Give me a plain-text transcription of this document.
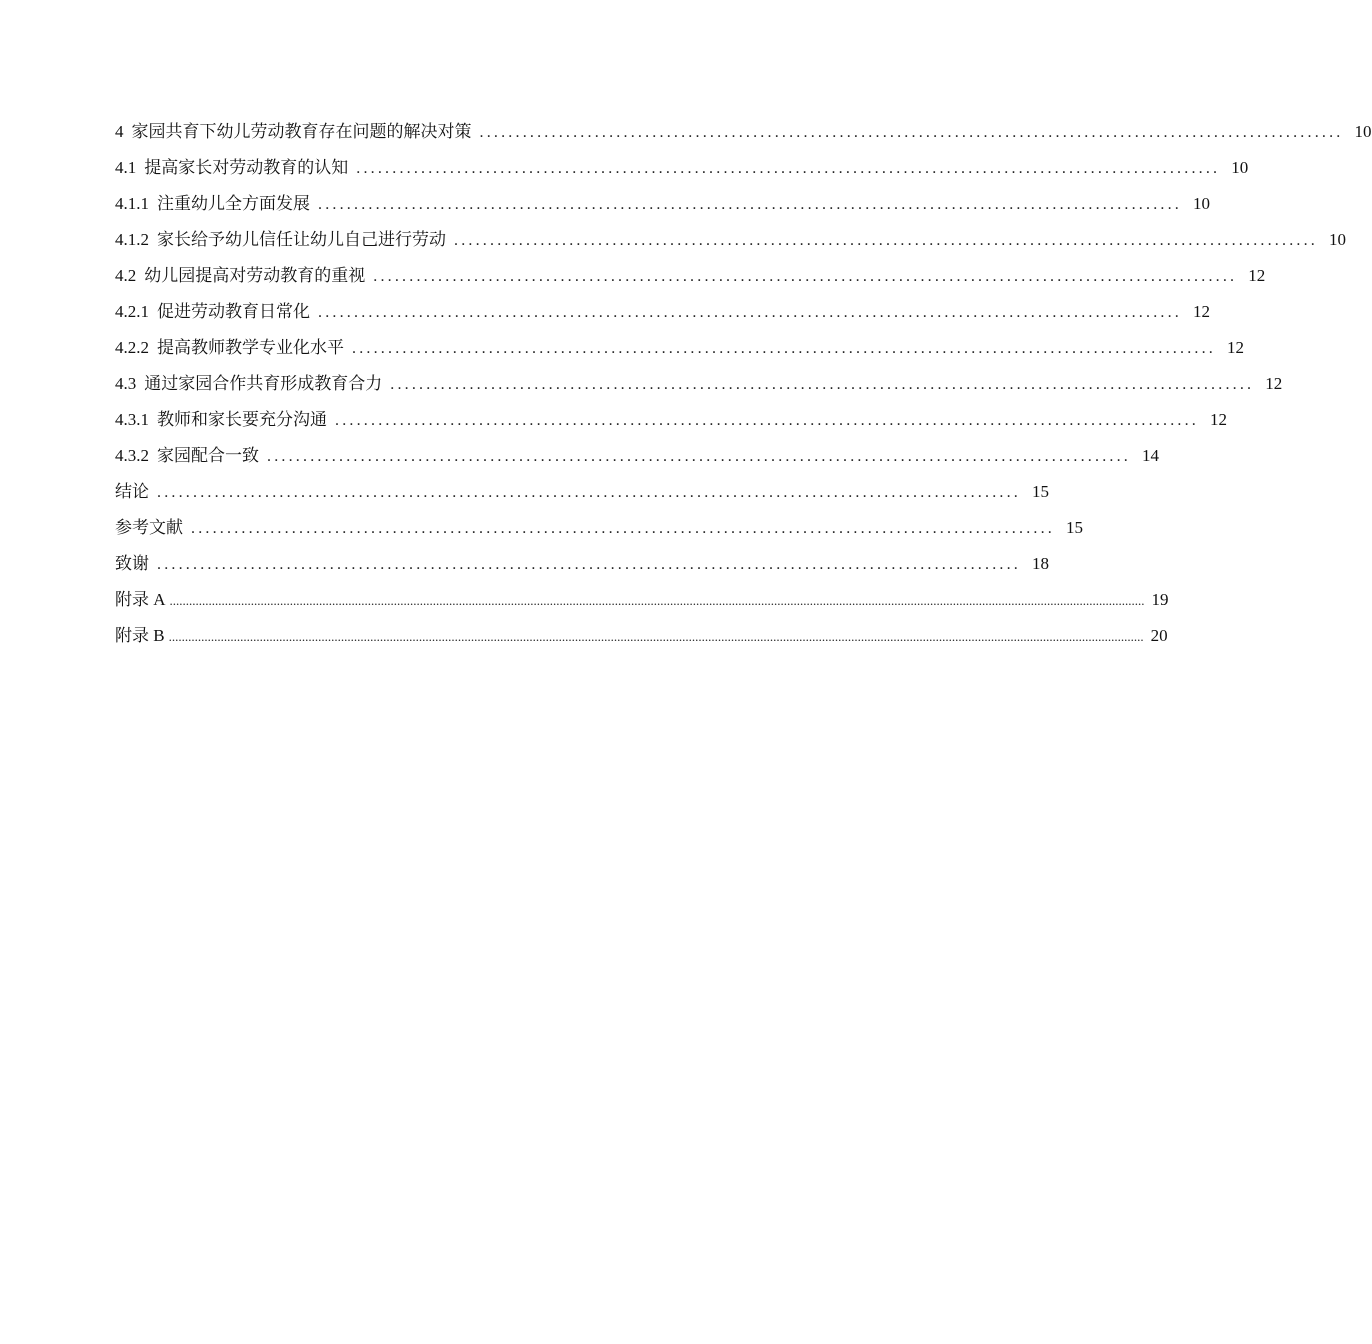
4 家园共育下幼儿劳动教育存在问题的解决对策 ........................................................................................................................ 10
4.1 提高家长对劳动教育的认知 ........................................................................................................................ 10
4.1.1 注重幼儿全方面发展 ........................................................................................................................ 10
4.1.2 家长给予幼儿信任让幼儿自己进行劳动 ........................................................................................................................ 10
4.2 幼儿园提高对劳动教育的重视 ........................................................................................................................ 12
4.2.1 促进劳动教育日常化 ........................................................................................................................ 12
4.2.2 提高教师教学专业化水平 ........................................................................................................................ 12
4.3 通过家园合作共育形成教育合力 ........................................................................................................................ 12
4.3.1 教师和家长要充分沟通 ........................................................................................................................ 12
4.3.2 家园配合一致 ........................................................................................................................ 14
结论 ........................................................................................................................ 15
参考文献 ........................................................................................................................ 15
致谢 ........................................................................................................................ 18
附录 A ............................................................................................................................................................................................................................................................................................................ 19
附录 B ............................................................................................................................................................................................................................................................................................................ 20
